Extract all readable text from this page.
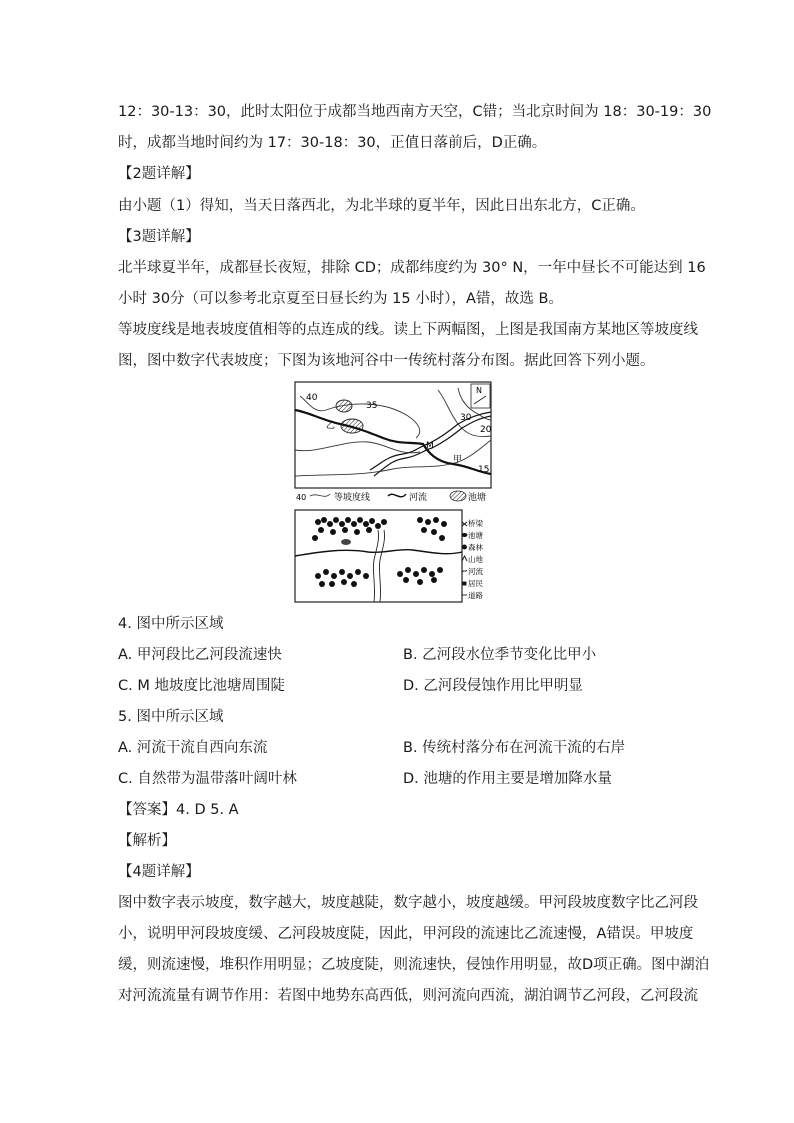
12：30-13：30，此时太阳位于成都当地西南方天空，C错；当北京时间为 18：30-19：30
时，成都当地时间约为 17：30-18：30，正值日落前后，D正确。
【2题详解】
由小题（1）得知，当天日落西北，为北半球的夏半年，因此日出东北方，C正确。
【3题详解】
北半球夏半年，成都昼长夜短，排除 CD；成都纬度约为 30° N，一年中昼长不可能达到 16
小时 30分（可以参考北京夏至日昼长约为 15 小时），A错，故选 B。
等坡度线是地表坡度值相等的点连成的线。读上下两幅图，上图是我国南方某地区等坡度线
图，图中数字代表坡度；下图为该地河谷中一传统村落分布图。据此回答下列小题。
40
35
30
20
15
M
乙
甲
N
40	等坡度线	河流	池塘
桥梁
池塘
森林
山地
河流
居民
道路
4. 图中所示区域
A. 甲河段比乙河段流速快	B. 乙河段水位季节变化比甲小
C. M 地坡度比池塘周围陡	D. 乙河段侵蚀作用比甲明显
5. 图中所示区域
A. 河流干流自西向东流	B. 传统村落分布在河流干流的右岸
C. 自然带为温带落叶阔叶林	D. 池塘的作用主要是增加降水量
【答案】4. D 5. A
【解析】
【4题详解】
图中数字表示坡度，数字越大，坡度越陡，数字越小，坡度越缓。甲河段坡度数字比乙河段
小，说明甲河段坡度缓、乙河段坡度陡，因此，甲河段的流速比乙流速慢，A错误。甲坡度
缓，则流速慢，堆积作用明显；乙坡度陡，则流速快，侵蚀作用明显，故D项正确。图中湖泊
对河流流量有调节作用：若图中地势东高西低，则河流向西流，湖泊调节乙河段，乙河段流
